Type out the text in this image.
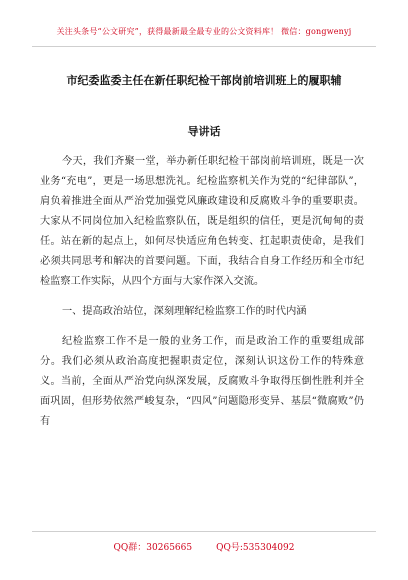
关注头条号“公文研究”，获得最新最全最专业的公文资料库！ 微信：gongwenyj
市纪委监委主任在新任职纪检干部岗前培训班上的履职辅
导讲话

今天，我们齐聚一堂，举办新任职纪检干部岗前培训班，既是一次业务“充电”，更是一场思想洗礼。纪检监察机关作为党的“纪律部队”，肩负着推进全面从严治党加强党风廉政建设和反腐败斗争的重要职责。大家从不同岗位加入纪检监察队伍，既是组织的信任，更是沉甸甸的责任。站在新的起点上，如何尽快适应角色转变、扛起职责使命，是我们必须共同思考和解决的首要问题。下面，我结合自身工作经历和全市纪检监察工作实际，从四个方面与大家作深入交流。

一、提高政治站位，深刻理解纪检监察工作的时代内涵

纪检监察工作不是一般的业务工作，而是政治工作的重要组成部分。我们必须从政治高度把握职责定位，深刻认识这份工作的特殊意义。当前，全面从严治党向纵深发展，反腐败斗争取得压倒性胜利并全面巩固，但形势依然严峻复杂，“四风”问题隐形变异、基层“微腐败”仍有

QQ群：30265665	QQ号:535304092
